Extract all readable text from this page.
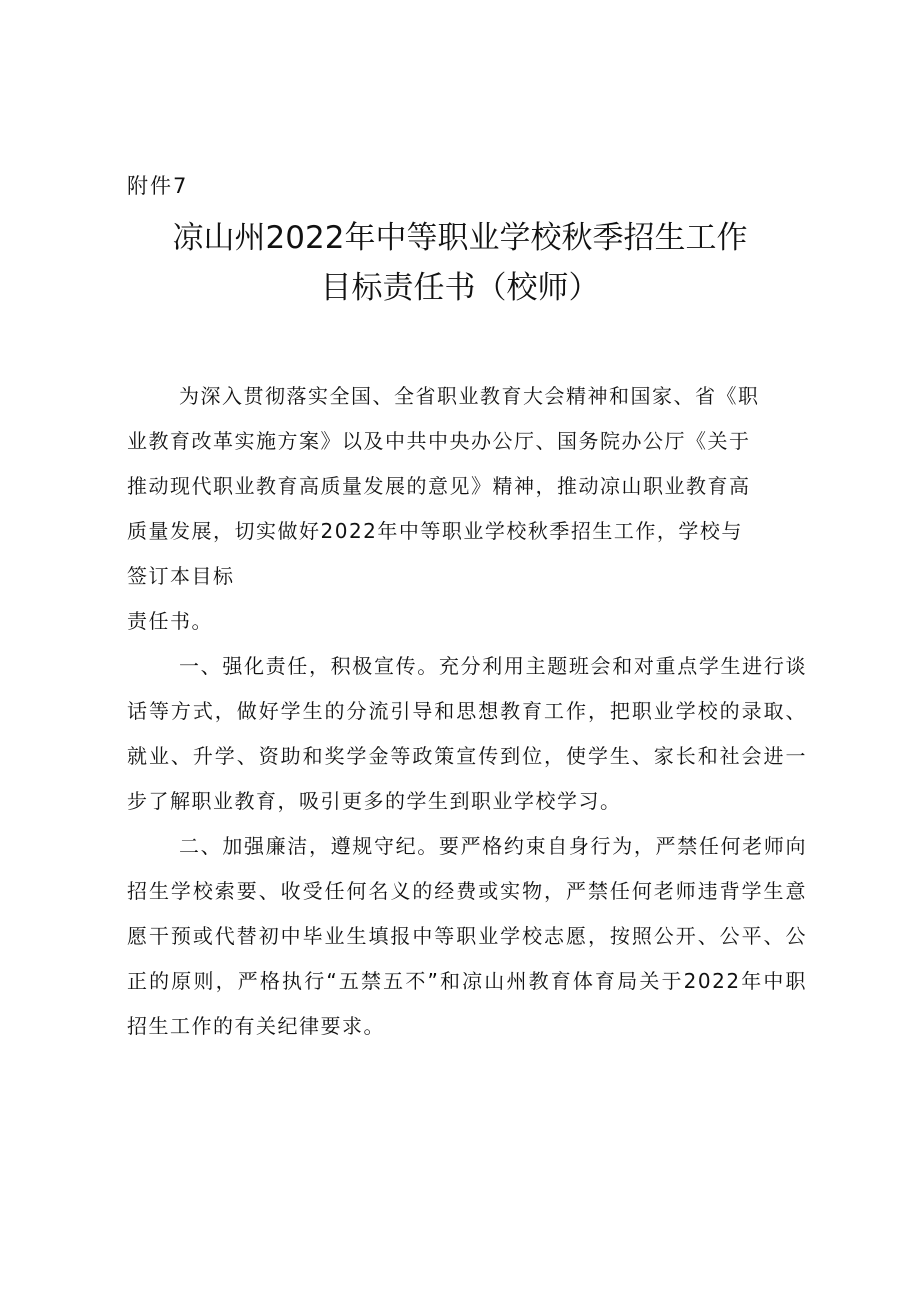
附件7
凉山州2022年中等职业学校秋季招生工作
目标责任书（校师）

为深入贯彻落实全国、全省职业教育大会精神和国家、省《职
业教育改革实施方案》以及中共中央办公厅、国务院办公厅《关于
推动现代职业教育高质量发展的意见》精神，推动凉山职业教育高
质量发展，切实做好2022年中等职业学校秋季招生工作，学校与
签订本目标
责任书。

一、强化责任，积极宣传。充分利用主题班会和对重点学生进行谈话等方式，做好学生的分流引导和思想教育工作，把职业学校的录取、就业、升学、资助和奖学金等政策宣传到位，使学生、家长和社会进一步了解职业教育，吸引更多的学生到职业学校学习。

二、加强廉洁，遵规守纪。要严格约束自身行为，严禁任何老师向招生学校索要、收受任何名义的经费或实物，严禁任何老师违背学生意愿干预或代替初中毕业生填报中等职业学校志愿，按照公开、公平、公正的原则，严格执行“五禁五不”和凉山州教育体育局关于2022年中职招生工作的有关纪律要求。
